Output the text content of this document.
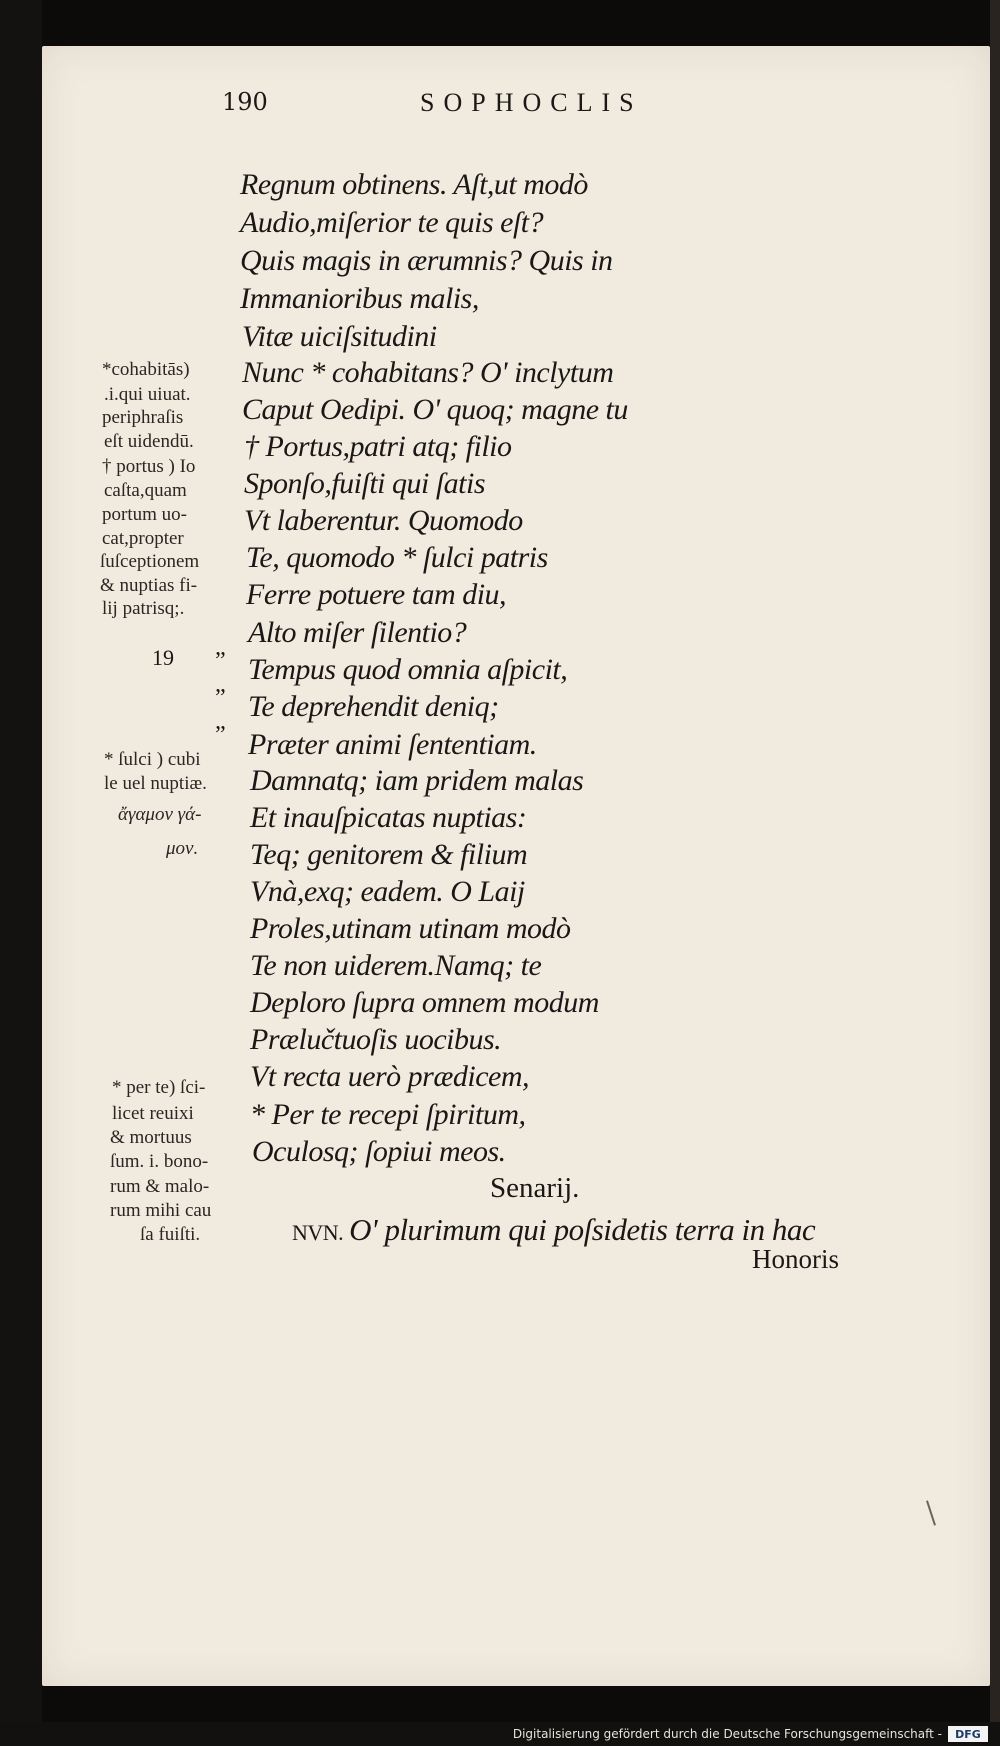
190	SOPHOCLIS
Regnum obtinens. Aſt,ut modò
Audio,miſerior te quis eſt?
Quis magis in ærumnis? Quis in
Immanioribus malis,
Vitæ uiciſsitudini
Nunc * cohabitans? O' inclytum
Caput Oedipi. O' quoq; magne tu
† Portus,patri atq; filio
Sponſo,fuiſti qui ſatis
Vt laberentur. Quomodo
Te, quomodo * ſulci patris
Ferre potuere tam diu,
Alto miſer ſilentio?
Tempus quod omnia aſpicit,
Te deprehendit deniq;
Præter animi ſententiam.
Damnatq; iam pridem malas
Et inauſpicatas nuptias:
Teq; genitorem & filium
Vnà,exq; eadem. O Laij
Proles,utinam utinam modò
Te non uiderem.Namq; te
Deploro ſupra omnem modum
Prælučtuoſis uocibus.
Vt recta uerò prædicem,
* Per te recepi ſpiritum,
Oculosq; ſopiui meos.
*cohabitās)
.i.qui uiuat.
periphraſis
eſt uidendū.
† portus ) Io
caſta,quam
portum uo-
cat,propter
ſuſceptionem
& nuptias fi-
lij patrisq;.
19 ”
”
”
* ſulci ) cubi
le uel nuptiæ.
ἄγαμον γά-
μον.
* per te) ſci-
licet reuixi
& mortuus
ſum. i. bono-
rum & malo-
rum mihi cau
ſa fuiſti.
Senarij.
NVN. O' plurimum qui poſsidetis terra in hac
Honoris
Digitalisierung gefördert durch die Deutsche Forschungsgemeinschaft -	DFG
